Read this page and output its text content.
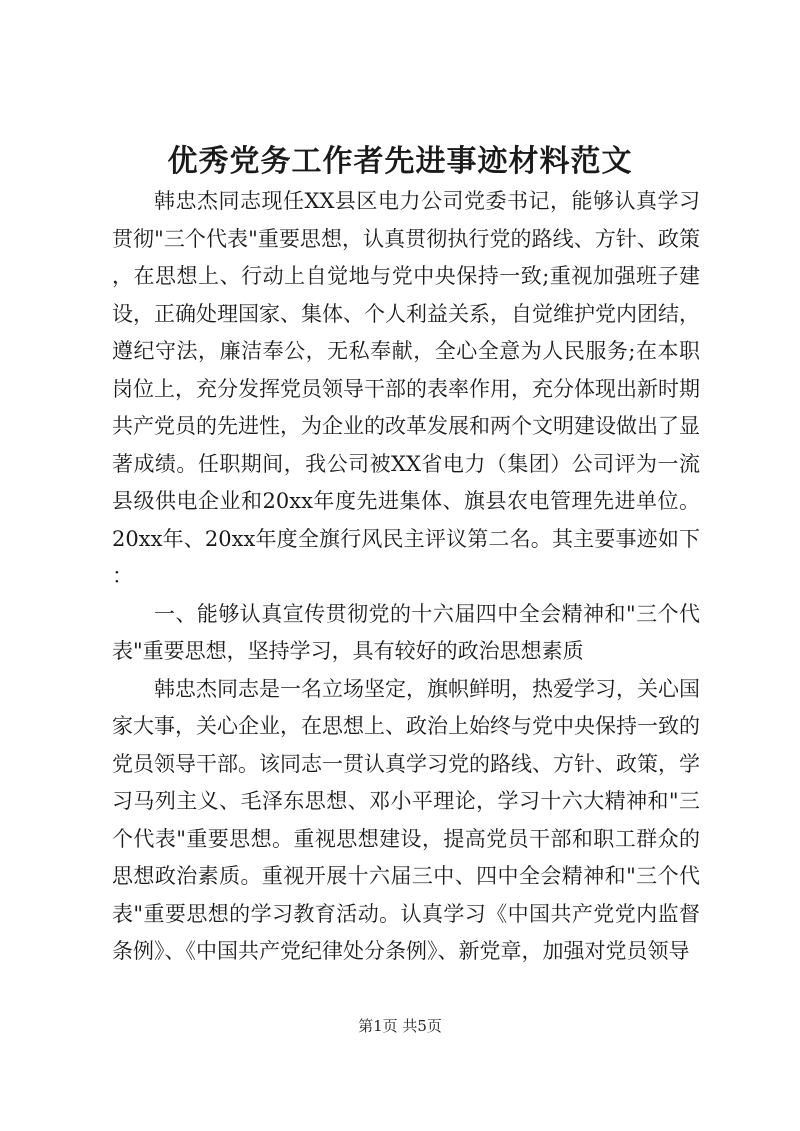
优秀党务工作者先进事迹材料范文

韩忠杰同志现任XX县区电力公司党委书记，能够认真学习贯彻"三个代表"重要思想，认真贯彻执行党的路线、方针、政策，在思想上、行动上自觉地与党中央保持一致;重视加强班子建设，正确处理国家、集体、个人利益关系，自觉维护党内团结，遵纪守法，廉洁奉公，无私奉献，全心全意为人民服务;在本职岗位上，充分发挥党员领导干部的表率作用，充分体现出新时期共产党员的先进性，为企业的改革发展和两个文明建设做出了显著成绩。任职期间，我公司被XX省电力（集团）公司评为一流县级供电企业和20xx年度先进集体、旗县农电管理先进单位。20xx年、20xx年度全旗行风民主评议第二名。其主要事迹如下：

一、能够认真宣传贯彻党的十六届四中全会精神和"三个代表"重要思想，坚持学习，具有较好的政治思想素质

韩忠杰同志是一名立场坚定，旗帜鲜明，热爱学习，关心国家大事，关心企业，在思想上、政治上始终与党中央保持一致的党员领导干部。该同志一贯认真学习党的路线、方针、政策，学习马列主义、毛泽东思想、邓小平理论，学习十六大精神和"三个代表"重要思想。重视思想建设，提高党员干部和职工群众的思想政治素质。重视开展十六届三中、四中全会精神和"三个代表"重要思想的学习教育活动。认真学习《中国共产党党内监督条例》、《中国共产党纪律处分条例》、新党章，加强对党员领导

第1页 共5页
